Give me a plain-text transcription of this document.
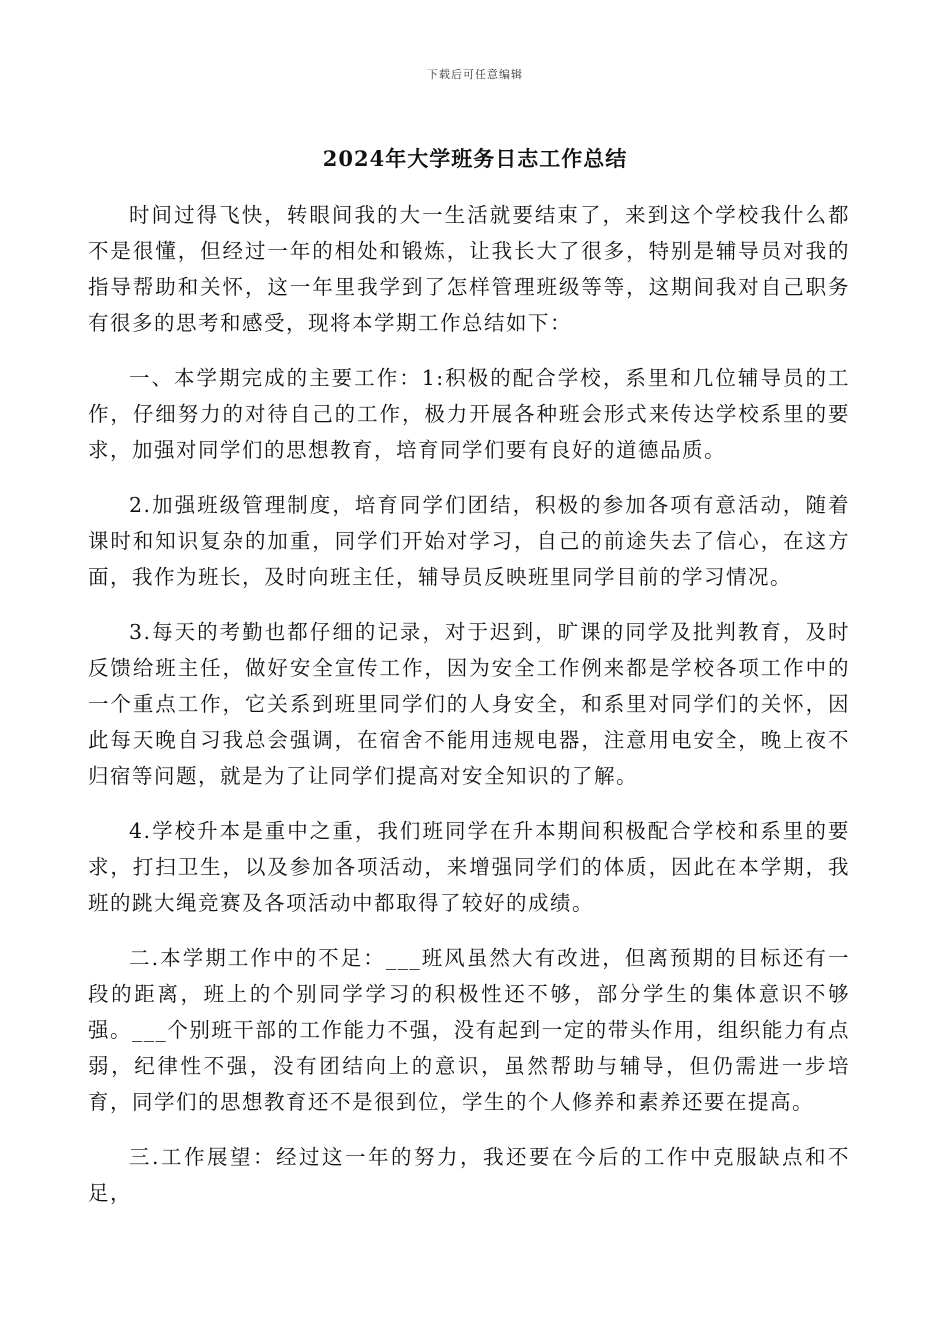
下载后可任意编辑
2024年大学班务日志工作总结

时间过得飞快，转眼间我的大一生活就要结束了，来到这个学校我什么都不是很懂，但经过一年的相处和锻炼，让我长大了很多，特别是辅导员对我的指导帮助和关怀，这一年里我学到了怎样管理班级等等，这期间我对自己职务有很多的思考和感受，现将本学期工作总结如下：

一、本学期完成的主要工作：1:积极的配合学校，系里和几位辅导员的工作，仔细努力的对待自己的工作，极力开展各种班会形式来传达学校系里的要求，加强对同学们的思想教育，培育同学们要有良好的道德品质。

2.加强班级管理制度，培育同学们团结，积极的参加各项有意活动，随着课时和知识复杂的加重，同学们开始对学习，自己的前途失去了信心，在这方面，我作为班长，及时向班主任，辅导员反映班里同学目前的学习情况。

3.每天的考勤也都仔细的记录，对于迟到，旷课的同学及批判教育，及时反馈给班主任，做好安全宣传工作，因为安全工作例来都是学校各项工作中的一个重点工作，它关系到班里同学们的人身安全，和系里对同学们的关怀，因此每天晚自习我总会强调，在宿舍不能用违规电器，注意用电安全，晚上夜不归宿等问题，就是为了让同学们提高对安全知识的了解。

4.学校升本是重中之重，我们班同学在升本期间积极配合学校和系里的要求，打扫卫生，以及参加各项活动，来增强同学们的体质，因此在本学期，我班的跳大绳竞赛及各项活动中都取得了较好的成绩。

二.本学期工作中的不足：___班风虽然大有改进，但离预期的目标还有一段的距离，班上的个别同学学习的积极性还不够，部分学生的集体意识不够强。___个别班干部的工作能力不强，没有起到一定的带头作用，组织能力有点弱，纪律性不强，没有团结向上的意识，虽然帮助与辅导，但仍需进一步培育，同学们的思想教育还不是很到位，学生的个人修养和素养还要在提高。

三.工作展望：经过这一年的努力，我还要在今后的工作中克服缺点和不足，
